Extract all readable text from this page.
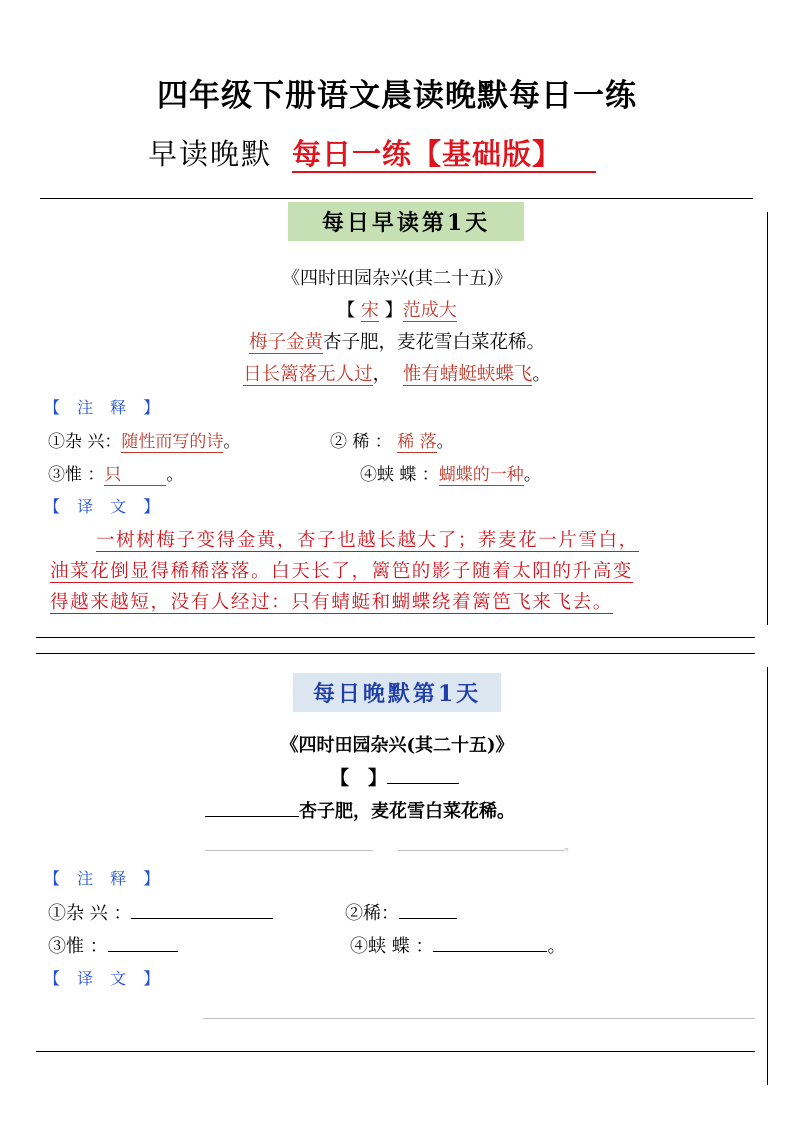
四年级下册语文晨读晚默每日一练
早读晚默 每日一练【基础版】
每日早读第1天
《四时田园杂兴(其二十五)》
【 宋 】范成大
梅子金黄杏子肥，麦花雪白菜花稀。
日长篱落无人过， 惟有蜻蜓蛱蝶飞。
【 注 释 】
①杂 兴：随性而写的诗。	② 稀 ： 稀 落。
③惟 ：只	。	④蛱 蝶 ：蝴蝶的一种。
【 译 文 】
一树树梅子变得金黄，杏子也越长越大了；荞麦花一片雪白，
油菜花倒显得稀稀落落。白天长了，篱笆的影子随着太阳的升高变
得越来越短，没有人经过：只有蜻蜓和蝴蝶绕着篱笆飞来飞去。
每日晚默第1天
《四时田园杂兴(其二十五)》
【　】
杏子肥，麦花雪白菜花稀。
。
【 注 释 】
①杂 兴 ：	②稀：
③惟 ：	④蛱 蝶 ：	。
【 译 文 】
